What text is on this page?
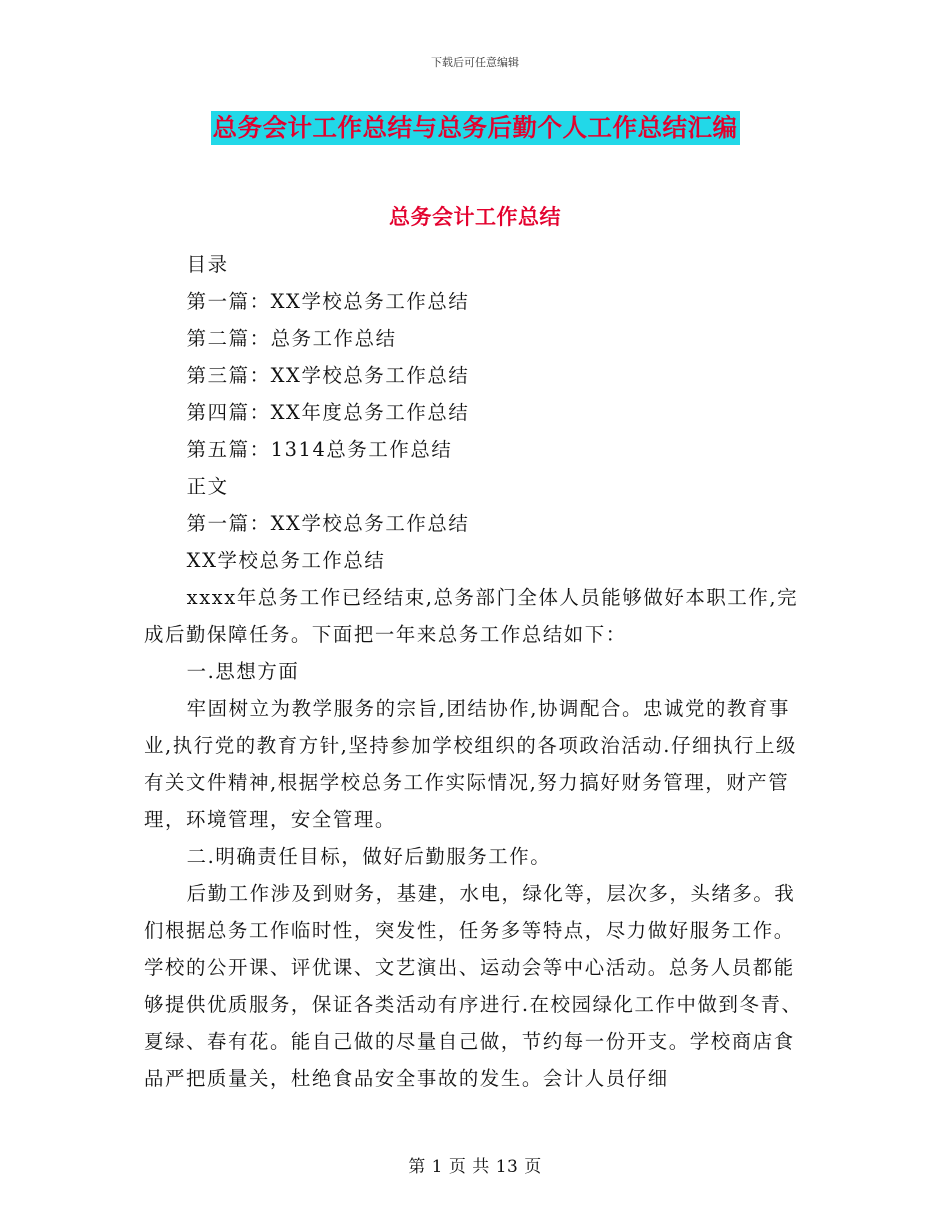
下载后可任意编辑
总务会计工作总结与总务后勤个人工作总结汇编
总务会计工作总结

目录

第一篇：XX学校总务工作总结

第二篇：总务工作总结

第三篇：XX学校总务工作总结

第四篇：XX年度总务工作总结

第五篇：1314总务工作总结

正文

第一篇：XX学校总务工作总结

XX学校总务工作总结

xxxx年总务工作已经结束,总务部门全体人员能够做好本职工作,完成后勤保障任务。下面把一年来总务工作总结如下：

一.思想方面

牢固树立为教学服务的宗旨,团结协作,协调配合。忠诚党的教育事业,执行党的教育方针,坚持参加学校组织的各项政治活动.仔细执行上级有关文件精神,根据学校总务工作实际情况,努力搞好财务管理，财产管理，环境管理，安全管理。

二.明确责任目标，做好后勤服务工作。

后勤工作涉及到财务，基建，水电，绿化等，层次多，头绪多。我们根据总务工作临时性，突发性，任务多等特点，尽力做好服务工作。学校的公开课、评优课、文艺演出、运动会等中心活动。总务人员都能够提供优质服务，保证各类活动有序进行.在校园绿化工作中做到冬青、夏绿、春有花。能自己做的尽量自己做，节约每一份开支。学校商店食品严把质量关，杜绝食品安全事故的发生。会计人员仔细

第 1 页 共 13 页
